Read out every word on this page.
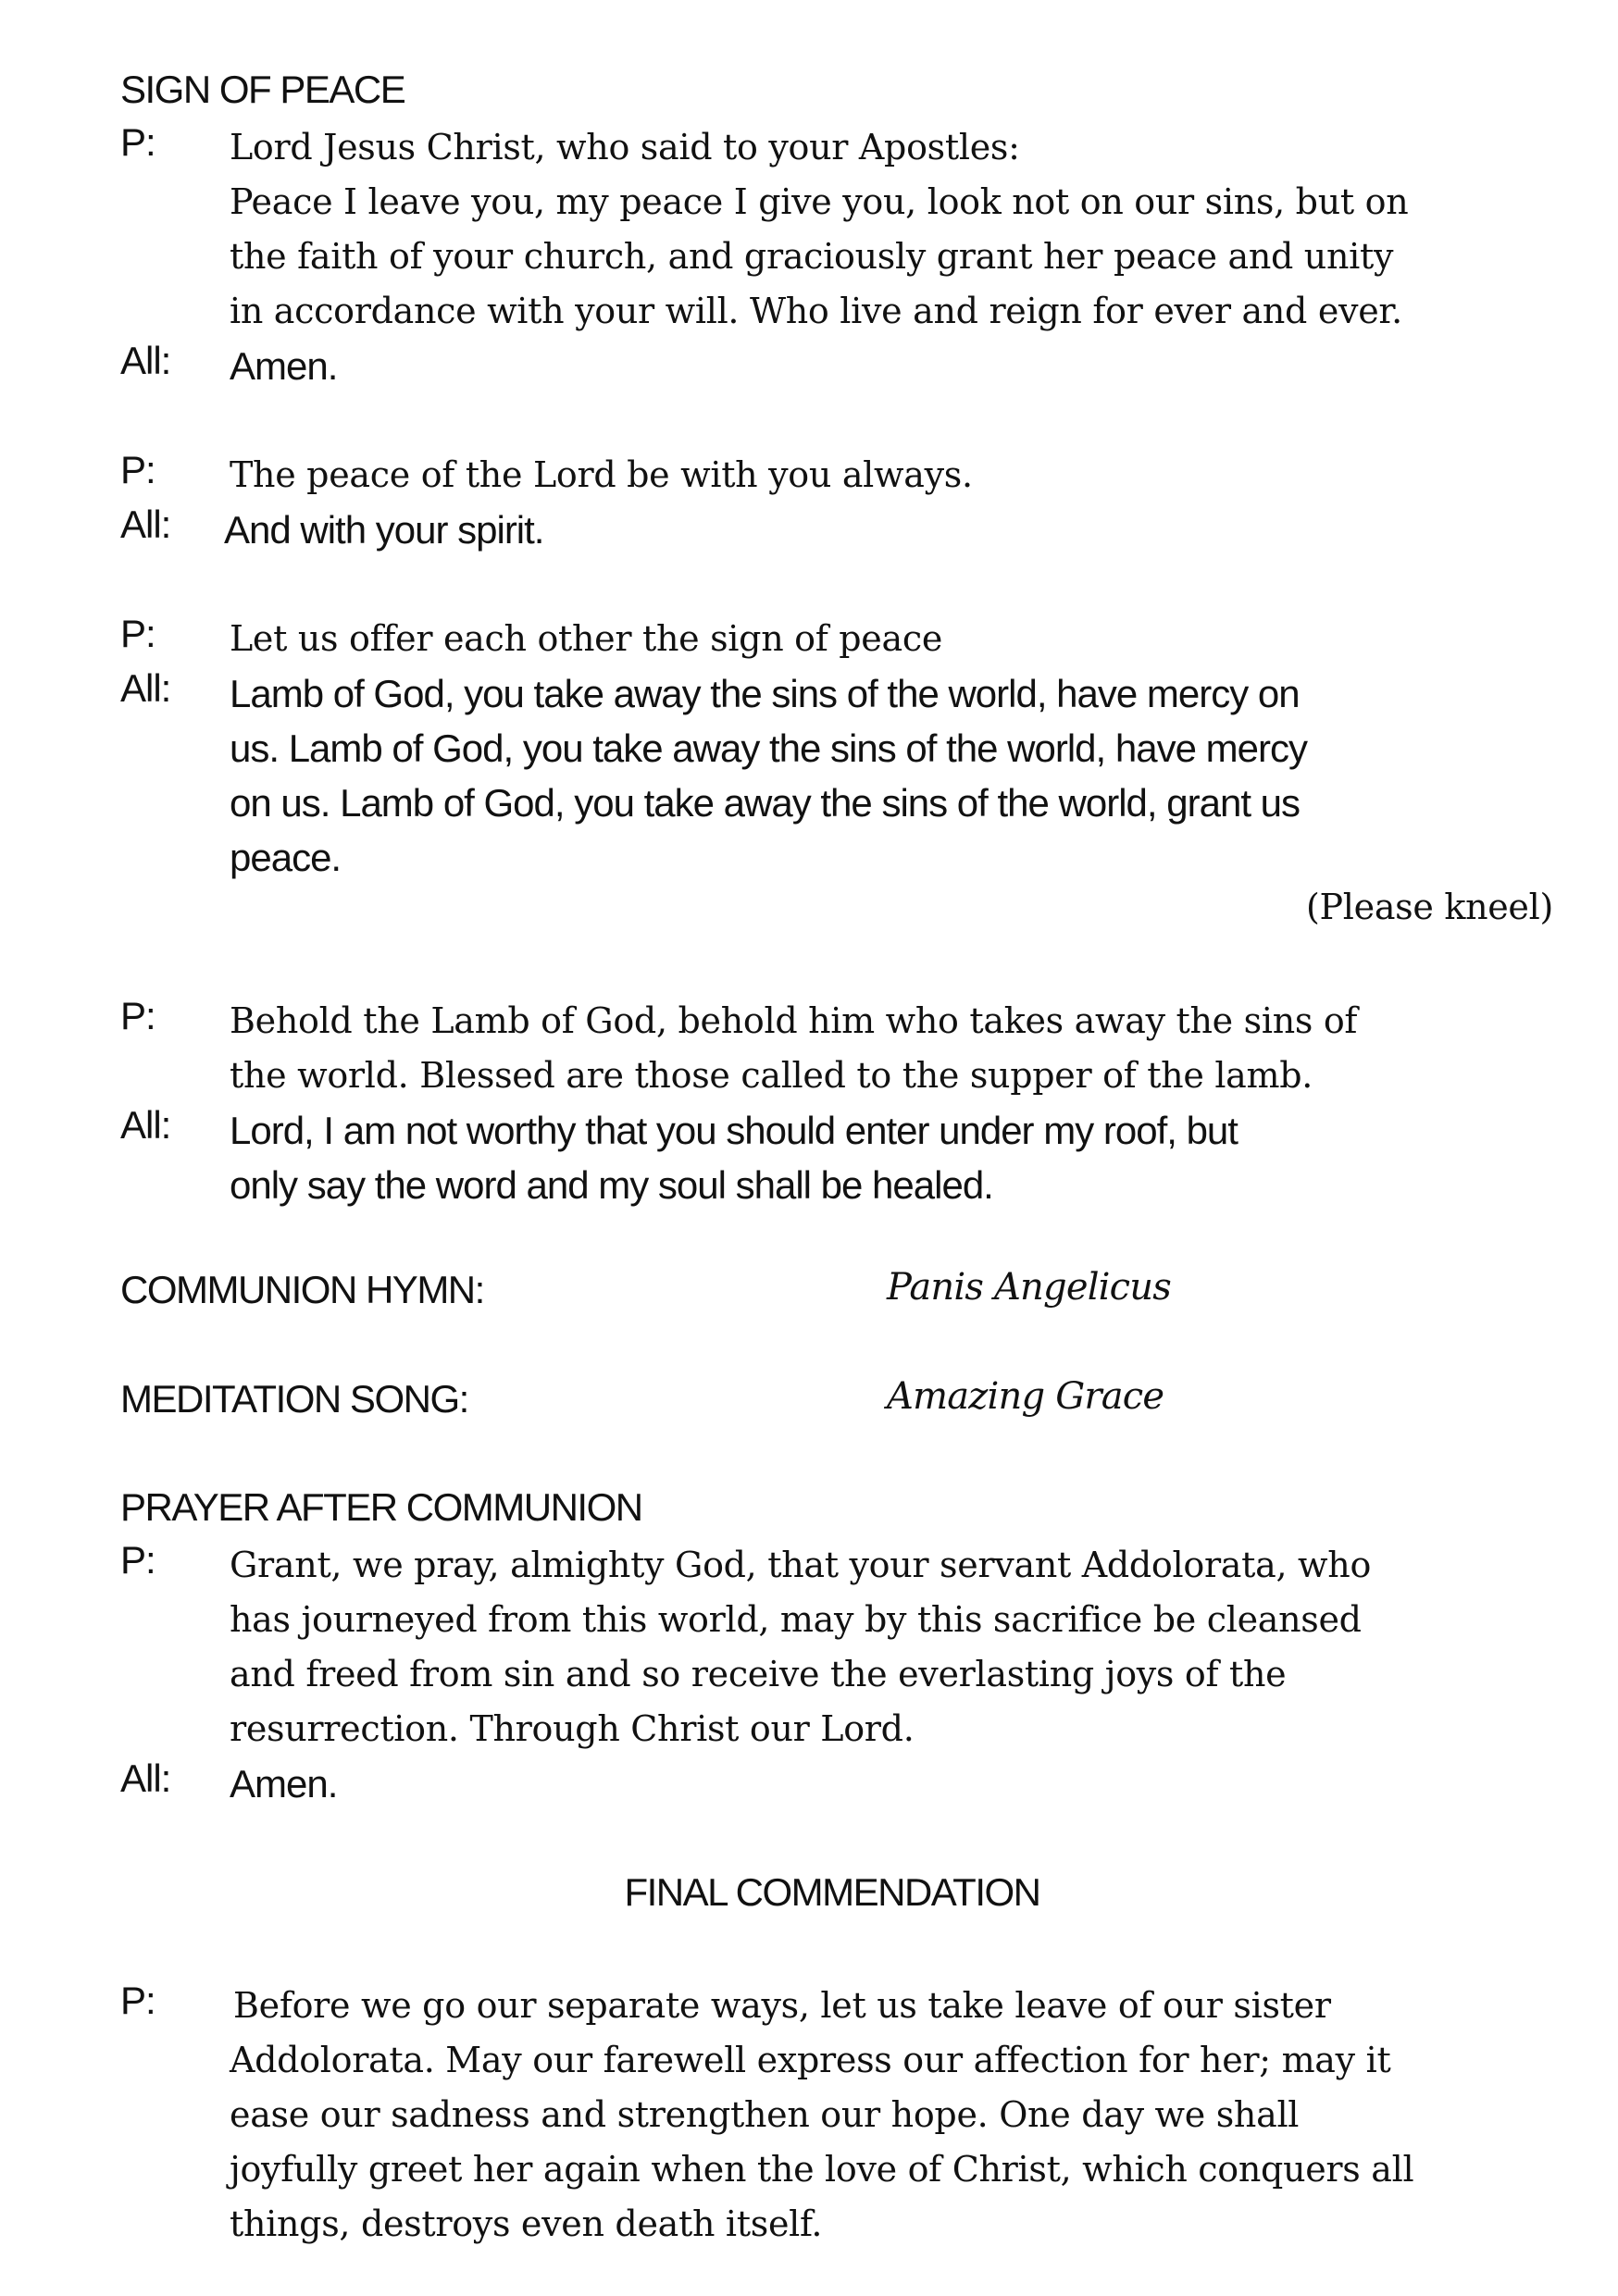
SIGN OF PEACE
P: Lord Jesus Christ, who said to your Apostles:
Peace I leave you, my peace I give you, look not on our sins, but on
the faith of your church, and graciously grant her peace and unity
in accordance with your will. Who live and reign for ever and ever.
All: Amen.
P: The peace of the Lord be with you always.
All: And with your spirit.
P: Let us offer each other the sign of peace
All: Lamb of God, you take away the sins of the world, have mercy on
us. Lamb of God, you take away the sins of the world, have mercy
on us. Lamb of God, you take away the sins of the world, grant us
peace.
(Please kneel)
P: Behold the Lamb of God, behold him who takes away the sins of
the world. Blessed are those called to the supper of the lamb.
All: Lord, I am not worthy that you should enter under my roof, but
only say the word and my soul shall be healed.
COMMUNION HYMN:	Panis Angelicus
MEDITATION SONG:	Amazing Grace
PRAYER AFTER COMMUNION
P: Grant, we pray, almighty God, that your servant Addolorata, who
has journeyed from this world, may by this sacrifice be cleansed
and freed from sin and so receive the everlasting joys of the
resurrection. Through Christ our Lord.
All: Amen.
FINAL COMMENDATION
P: Before we go our separate ways, let us take leave of our sister
Addolorata. May our farewell express our affection for her; may it
ease our sadness and strengthen our hope. One day we shall
joyfully greet her again when the love of Christ, which conquers all
things, destroys even death itself.
